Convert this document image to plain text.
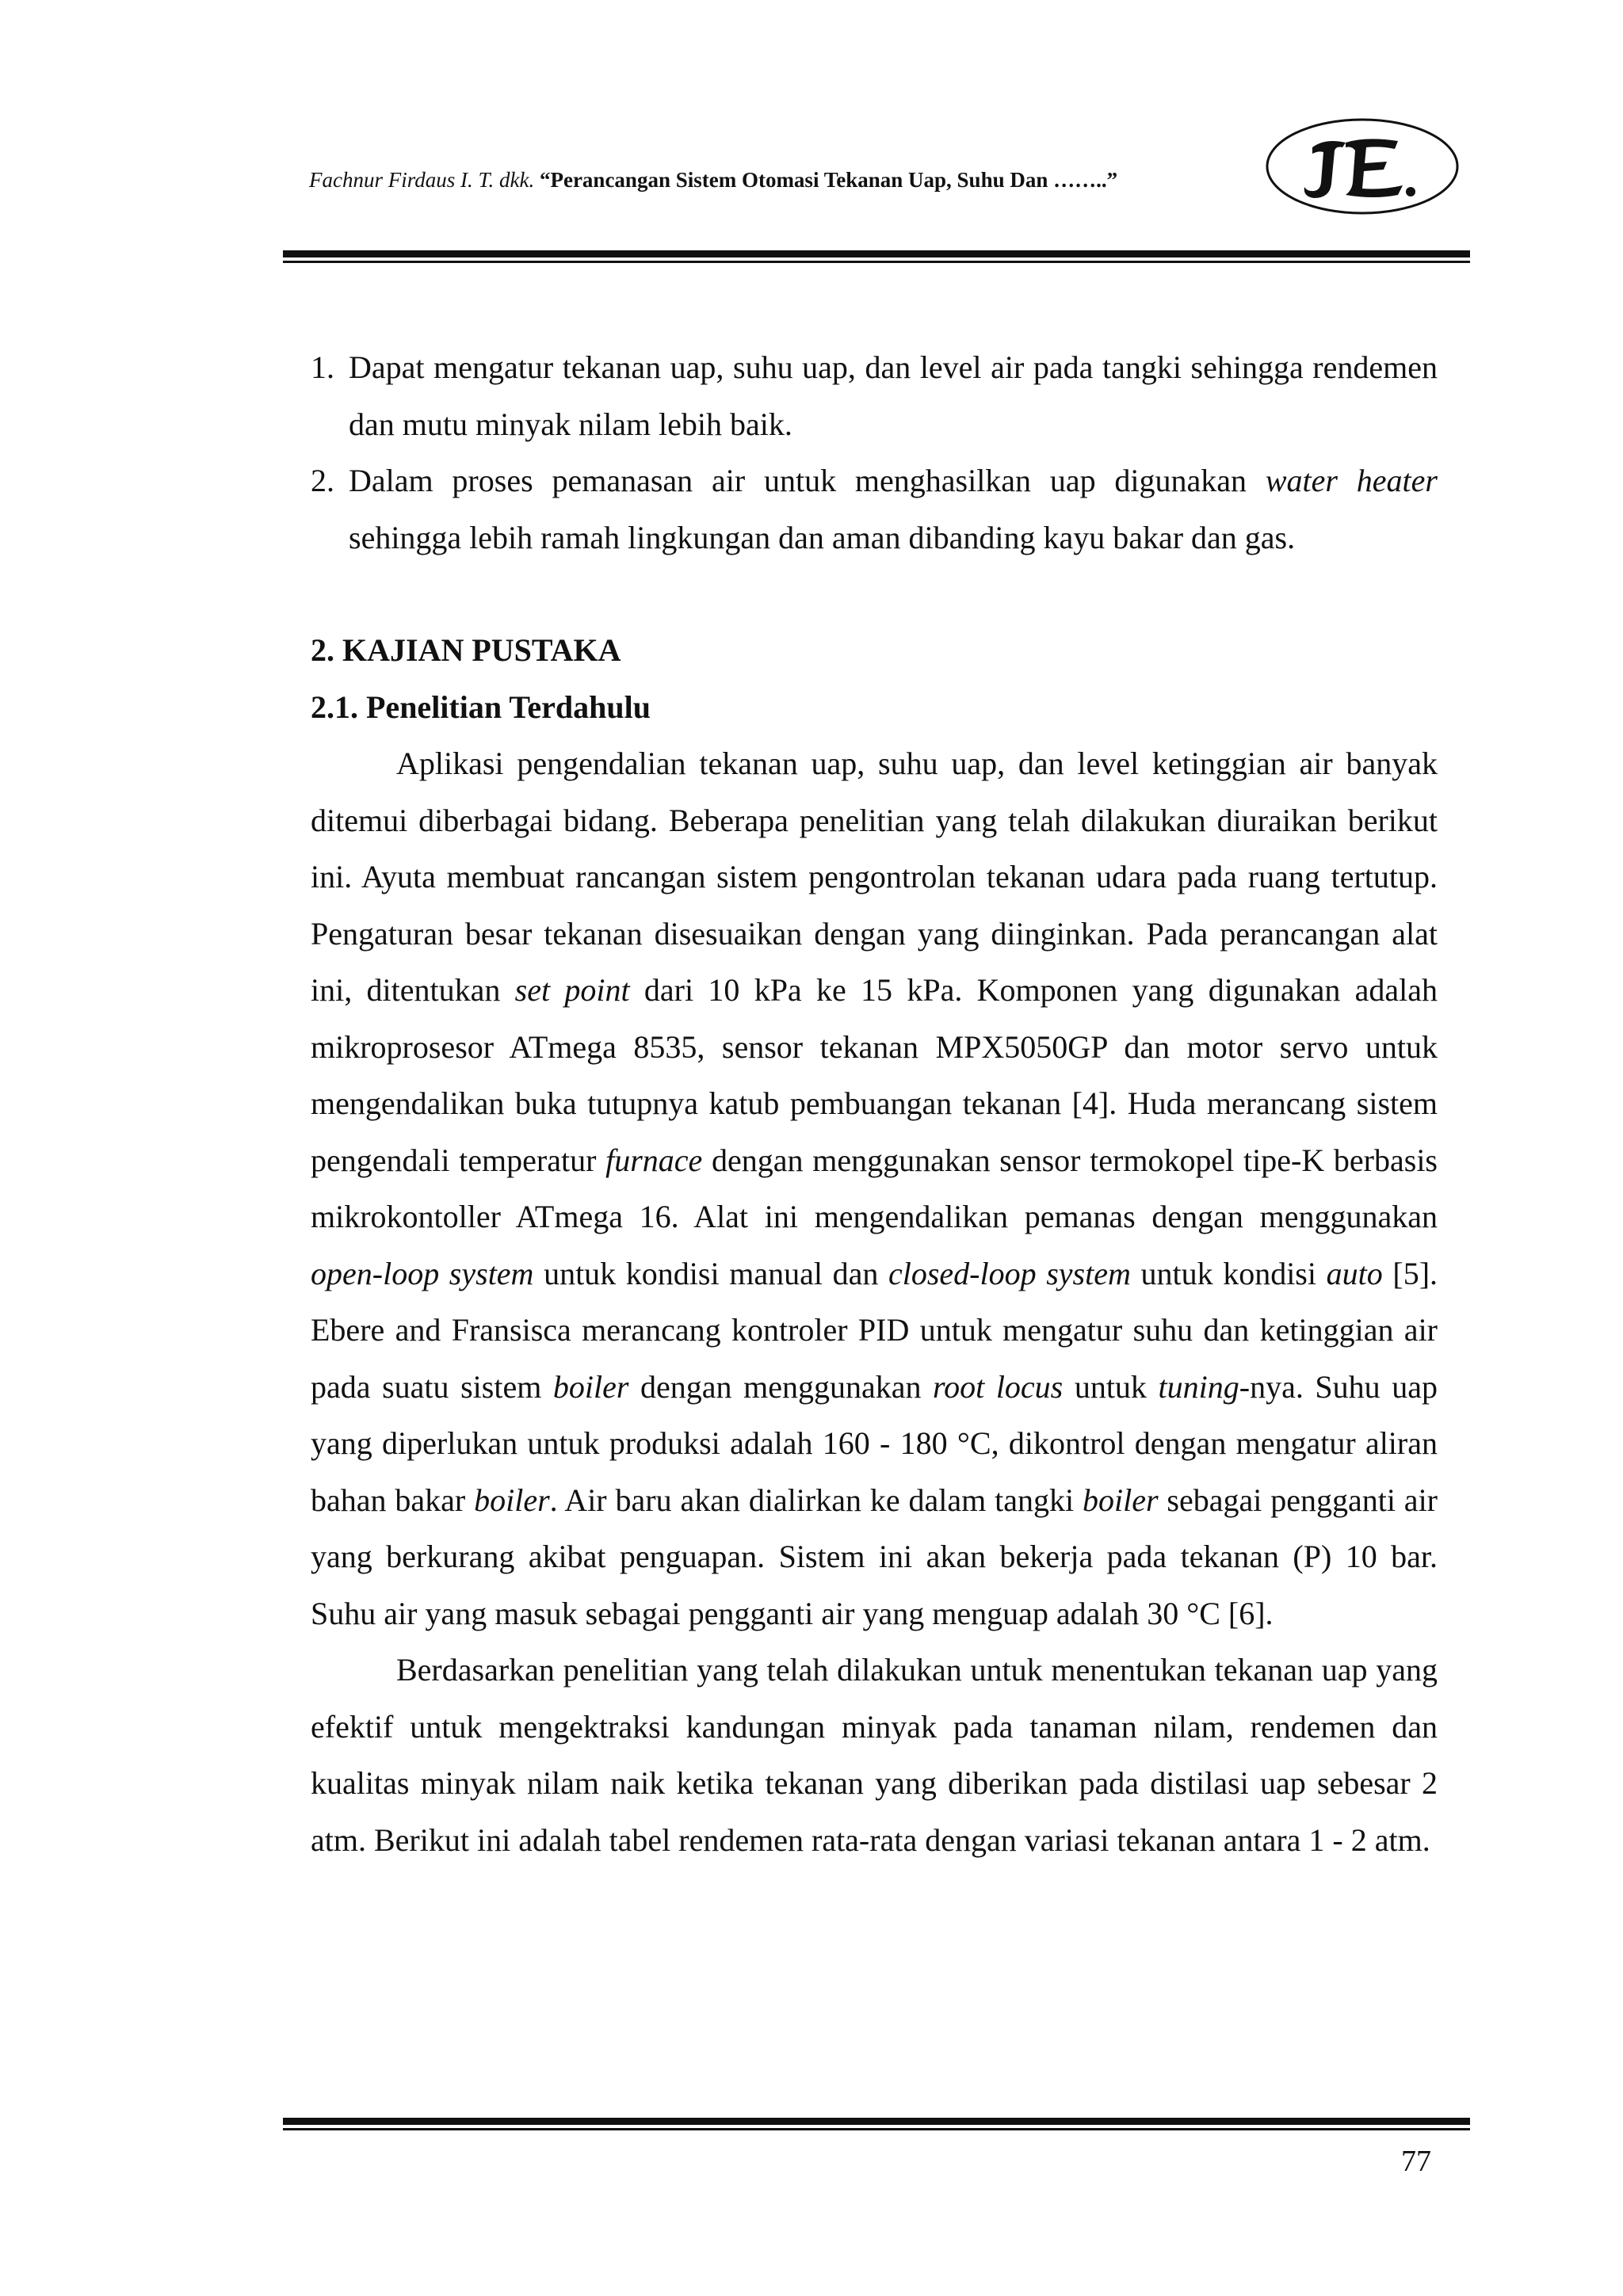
Fachnur Firdaus I. T. dkk. “Perancangan Sistem Otomasi Tekanan Uap, Suhu Dan ……..”
1. Dapat mengatur tekanan uap, suhu uap, dan level air pada tangki sehingga rendemen dan mutu minyak nilam lebih baik.
2. Dalam proses pemanasan air untuk menghasilkan uap digunakan water heater sehingga lebih ramah lingkungan dan aman dibanding kayu bakar dan gas.

2. KAJIAN PUSTAKA

2.1. Penelitian Terdahulu

Aplikasi pengendalian tekanan uap, suhu uap, dan level ketinggian air banyak ditemui diberbagai bidang. Beberapa penelitian yang telah dilakukan diuraikan berikut ini. Ayuta membuat rancangan sistem pengontrolan tekanan udara pada ruang tertutup. Pengaturan besar tekanan disesuaikan dengan yang diinginkan. Pada perancangan alat ini, ditentukan set point dari 10 kPa ke 15 kPa. Komponen yang digunakan adalah mikroprosesor ATmega 8535, sensor tekanan MPX5050GP dan motor servo untuk mengendalikan buka tutupnya katub pembuangan tekanan [4]. Huda merancang sistem pengendali temperatur furnace dengan menggunakan sensor termokopel tipe-K berbasis mikrokontoller ATmega 16. Alat ini mengendalikan pemanas dengan menggunakan open-loop system untuk kondisi manual dan closed-loop system untuk kondisi auto [5]. Ebere and Fransisca merancang kontroler PID untuk mengatur suhu dan ketinggian air pada suatu sistem boiler dengan menggunakan root locus untuk tuning-nya. Suhu uap yang diperlukan untuk produksi adalah 160 - 180 °C, dikontrol dengan mengatur aliran bahan bakar boiler. Air baru akan dialirkan ke dalam tangki boiler sebagai pengganti air yang berkurang akibat penguapan. Sistem ini akan bekerja pada tekanan (P) 10 bar. Suhu air yang masuk sebagai pengganti air yang menguap adalah 30 °C [6].

Berdasarkan penelitian yang telah dilakukan untuk menentukan tekanan uap yang efektif untuk mengektraksi kandungan minyak pada tanaman nilam, rendemen dan kualitas minyak nilam naik ketika tekanan yang diberikan pada distilasi uap sebesar 2 atm. Berikut ini adalah tabel rendemen rata-rata dengan variasi tekanan antara 1 - 2 atm.

77
